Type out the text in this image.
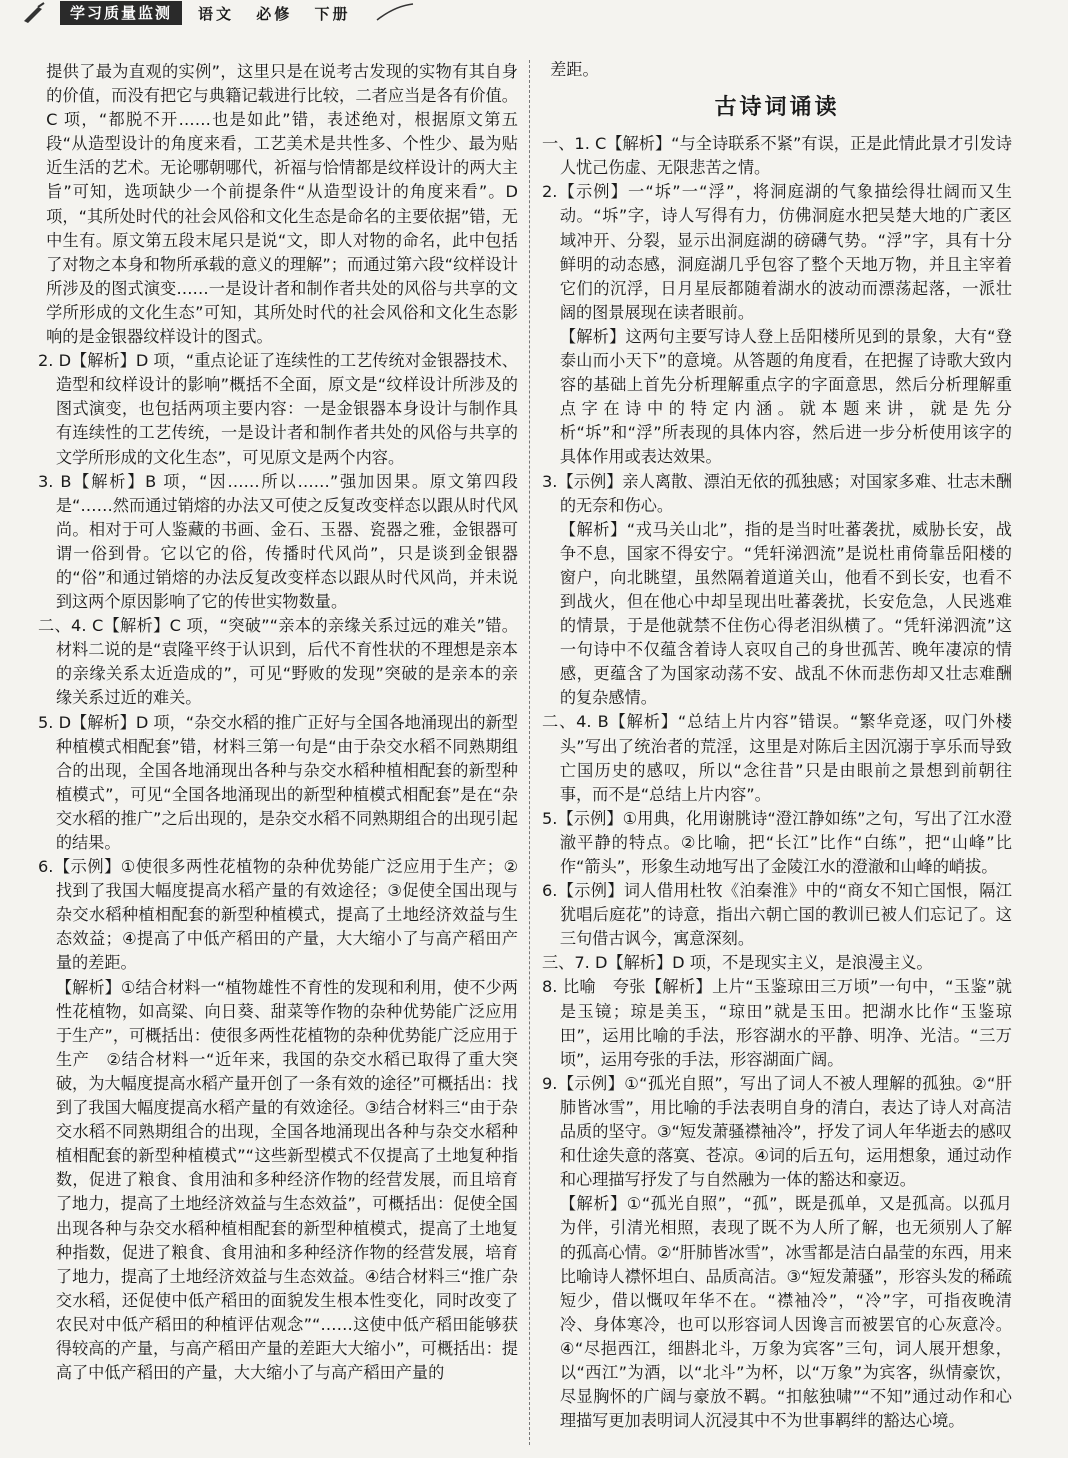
学习质量监测	语文 必修 下册

提供了最为直观的实例”，这里只是在说考古发现的实物有其自身的价值，而没有把它与典籍记载进行比较，二者应当是各有价值。C 项，“都脱不开……也是如此”错，表述绝对，根据原文第五段“从造型设计的角度来看，工艺美术是共性多、个性少、最为贴近生活的艺术。无论哪朝哪代，祈福与恰情都是纹样设计的两大主旨”可知，选项缺少一个前提条件“从造型设计的角度来看”。D 项，“其所处时代的社会风俗和文化生态是命名的主要依据”错，无中生有。原文第五段末尾只是说“文，即人对物的命名，此中包括了对物之本身和物所承载的意义的理解”；而通过第六段“纹样设计所涉及的图式演变……一是设计者和制作者共处的风俗与共享的文学所形成的文化生态”可知，其所处时代的社会风俗和文化生态影响的是金银器纹样设计的图式。

2. D【解析】D 项，“重点论证了连续性的工艺传统对金银器技术、造型和纹样设计的影响”概括不全面，原文是“纹样设计所涉及的图式演变，也包括两项主要内容：一是金银器本身设计与制作具有连续性的工艺传统，一是设计者和制作者共处的风俗与共享的文学所形成的文化生态”，可见原文是两个内容。

3. B【解析】B 项，“因……所以……”强加因果。原文第四段是“……然而通过销熔的办法又可使之反复改变样态以跟从时代风尚。相对于可人鉴藏的书画、金石、玉器、瓷器之雅，金银器可谓一俗到骨。它以它的俗，传播时代风尚”，只是谈到金银器的“俗”和通过销熔的办法反复改变样态以跟从时代风尚，并未说到这两个原因影响了它的传世实物数量。

二、4. C【解析】C 项，“突破”“亲本的亲缘关系过远的难关”错。材料二说的是“袁隆平终于认识到，后代不育性状的不理想是亲本的亲缘关系太近造成的”，可见“野败的发现”突破的是亲本的亲缘关系过近的难关。

5. D【解析】D 项，“杂交水稻的推广正好与全国各地涌现出的新型种植模式相配套”错，材料三第一句是“由于杂交水稻不同熟期组合的出现，全国各地涌现出各种与杂交水稻种植相配套的新型种植模式”，可见“全国各地涌现出的新型种植模式相配套”是在“杂交水稻的推广”之后出现的，是杂交水稻不同熟期组合的出现引起的结果。

6.【示例】①使很多两性花植物的杂种优势能广泛应用于生产；②找到了我国大幅度提高水稻产量的有效途径；③促使全国出现与杂交水稻种植相配套的新型种植模式，提高了土地经济效益与生态效益；④提高了中低产稻田的产量，大大缩小了与高产稻田产量的差距。

【解析】①结合材料一“植物雄性不育性的发现和利用，使不少两性花植物，如高粱、向日葵、甜菜等作物的杂种优势能广泛应用于生产”，可概括出：使很多两性花植物的杂种优势能广泛应用于生产　②结合材料一“近年来，我国的杂交水稻已取得了重大突破，为大幅度提高水稻产量开创了一条有效的途径”可概括出：找到了我国大幅度提高水稻产量的有效途径。③结合材料三“由于杂交水稻不同熟期组合的出现，全国各地涌现出各种与杂交水稻种植相配套的新型种植模式”“这些新型模式不仅提高了土地复种指数，促进了粮食、食用油和多种经济作物的经营发展，而且培育了地力，提高了土地经济效益与生态效益”，可概括出：促使全国出现各种与杂交水稻种植相配套的新型种植模式，提高了土地复种指数，促进了粮食、食用油和多种经济作物的经营发展，培育了地力，提高了土地经济效益与生态效益。④结合材料三“推广杂交水稻，还促使中低产稻田的面貌发生根本性变化，同时改变了农民对中低产稻田的种植评估观念”“……这使中低产稻田能够获得较高的产量，与高产稻田产量的差距大大缩小”，可概括出：提高了中低产稻田的产量，大大缩小了与高产稻田产量的

差距。

古诗词诵读

一、1. C【解析】“与全诗联系不紧”有误，正是此情此景才引发诗人忧己伤虚、无限悲苦之情。

2.【示例】一“坼”一“浮”，将洞庭湖的气象描绘得壮阔而又生动。“坼”字，诗人写得有力，仿佛洞庭水把吴楚大地的广袤区域冲开、分裂，显示出洞庭湖的磅礴气势。“浮”字，具有十分鲜明的动态感，洞庭湖几乎包容了整个天地万物，并且主宰着它们的沉浮，日月星辰都随着湖水的波动而漂荡起落，一派壮阔的图景展现在读者眼前。

【解析】这两句主要写诗人登上岳阳楼所见到的景象，大有“登泰山而小天下”的意境。从答题的角度看，在把握了诗歌大致内容的基础上首先分析理解重点字的字面意思，然后分析理解重点字在诗中的特定内涵。就本题来讲，就是先分析“坼”和“浮”所表现的具体内容，然后进一步分析使用该字的具体作用或表达效果。

3.【示例】亲人离散、漂泊无依的孤独感；对国家多难、壮志未酬的无奈和伤心。

【解析】“戎马关山北”，指的是当时吐蕃袭扰，威胁长安，战争不息，国家不得安宁。“凭轩涕泗流”是说杜甫倚靠岳阳楼的窗户，向北眺望，虽然隔着道道关山，他看不到长安，也看不到战火，但在他心中却呈现出吐蕃袭扰，长安危急，人民逃难的情景，于是他就禁不住伤心得老泪纵横了。“凭轩涕泗流”这一句诗中不仅蕴含着诗人哀叹自己的身世孤苦、晚年凄凉的情感，更蕴含了为国家动荡不安、战乱不休而悲伤却又壮志难酬的复杂感情。

二、4. B【解析】“总结上片内容”错误。“繁华竞逐，叹门外楼头”写出了统治者的荒淫，这里是对陈后主因沉溺于享乐而导致亡国历史的感叹，所以“念往昔”只是由眼前之景想到前朝往事，而不是“总结上片内容”。

5.【示例】①用典，化用谢朓诗“澄江静如练”之句，写出了江水澄澈平静的特点。②比喻，把“长江”比作“白练”，把“山峰”比作“箭头”，形象生动地写出了金陵江水的澄澈和山峰的峭拔。

6.【示例】词人借用杜牧《泊秦淮》中的“商女不知亡国恨，隔江犹唱后庭花”的诗意，指出六朝亡国的教训已被人们忘记了。这三句借古讽今，寓意深刻。

三、7. D【解析】D 项，不是现实主义，是浪漫主义。

8. 比喻　夸张【解析】上片“玉鉴琼田三万顷”一句中，“玉鉴”就是玉镜；琼是美玉，“琼田”就是玉田。把湖水比作“玉鉴琼田”，运用比喻的手法，形容湖水的平静、明净、光洁。“三万顷”，运用夸张的手法，形容湖面广阔。

9.【示例】①“孤光自照”，写出了词人不被人理解的孤独。②“肝肺皆冰雪”，用比喻的手法表明自身的清白，表达了诗人对高洁品质的坚守。③“短发萧骚襟袖冷”，抒发了词人年华逝去的感叹和仕途失意的落寞、苍凉。④词的后五句，运用想象，通过动作和心理描写抒发了与自然融为一体的豁达和豪迈。

【解析】①“孤光自照”，“孤”，既是孤单，又是孤高。以孤月为伴，引清光相照，表现了既不为人所了解，也无须别人了解的孤高心情。②“肝肺皆冰雪”，冰雪都是洁白晶莹的东西，用来比喻诗人襟怀坦白、品质高洁。③“短发萧骚”，形容头发的稀疏短少，借以慨叹年华不在。“襟袖冷”，“冷”字，可指夜晚清冷、身体寒冷，也可以形容词人因谗言而被罢官的心灰意冷。④“尽挹西江，细斟北斗，万象为宾客”三句，词人展开想象，以“西江”为酒，以“北斗”为杯，以“万象”为宾客，纵情豪饮，尽显胸怀的广阔与豪放不羁。“扣舷独啸”“不知”通过动作和心理描写更加表明词人沉浸其中不为世事羁绊的豁达心境。
